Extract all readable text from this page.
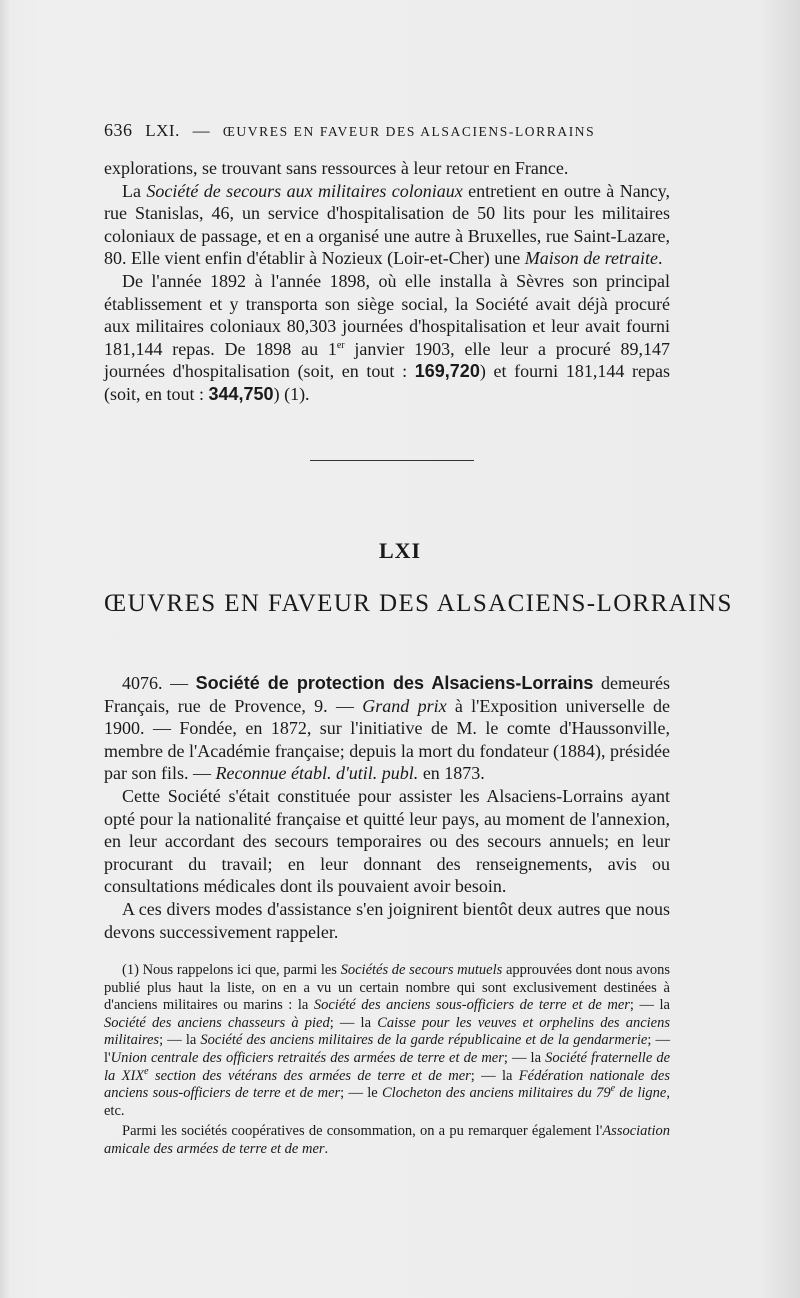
636 LXI. — ŒUVRES EN FAVEUR DES ALSACIENS-LORRAINS

explorations, se trouvant sans ressources à leur retour en France.

La Société de secours aux militaires coloniaux entretient en outre à Nancy, rue Stanislas, 46, un service d'hospitalisation de 50 lits pour les militaires coloniaux de passage, et en a organisé une autre à Bruxelles, rue Saint-Lazare, 80. Elle vient enfin d'établir à Nozieux (Loir-et-Cher) une Maison de retraite.

De l'année 1892 à l'année 1898, où elle installa à Sèvres son principal établissement et y transporta son siège social, la Société avait déjà procuré aux militaires coloniaux 80,303 journées d'hospitalisation et leur avait fourni 181,144 repas. De 1898 au 1er janvier 1903, elle leur a procuré 89,147 journées d'hospitalisation (soit, en tout : 169,720) et fourni 181,144 repas (soit, en tout : 344,750) (1).

LXI
ŒUVRES EN FAVEUR DES ALSACIENS-LORRAINS

4076. — Société de protection des Alsaciens-Lorrains demeurés Français, rue de Provence, 9. — Grand prix à l'Exposition universelle de 1900. — Fondée, en 1872, sur l'initiative de M. le comte d'Haussonville, membre de l'Académie française; depuis la mort du fondateur (1884), présidée par son fils. — Reconnue établ. d'util. publ. en 1873.

Cette Société s'était constituée pour assister les Alsaciens-Lorrains ayant opté pour la nationalité française et quitté leur pays, au moment de l'annexion, en leur accordant des secours temporaires ou des secours annuels; en leur procurant du travail; en leur donnant des renseignements, avis ou consultations médicales dont ils pouvaient avoir besoin.

A ces divers modes d'assistance s'en joignirent bientôt deux autres que nous devons successivement rappeler.

(1) Nous rappelons ici que, parmi les Sociétés de secours mutuels approuvées dont nous avons publié plus haut la liste, on en a vu un certain nombre qui sont exclusivement destinées à d'anciens militaires ou marins : la Société des anciens sous-officiers de terre et de mer; — la Société des anciens chasseurs à pied; — la Caisse pour les veuves et orphelins des anciens militaires; — la Société des anciens militaires de la garde républicaine et de la gendarmerie; — l'Union centrale des officiers retraités des armées de terre et de mer; — la Société fraternelle de la XIXe section des vétérans des armées de terre et de mer; — la Fédération nationale des anciens sous-officiers de terre et de mer; — le Clocheton des anciens militaires du 79e de ligne, etc.

Parmi les sociétés coopératives de consommation, on a pu remarquer également l'Association amicale des armées de terre et de mer.
